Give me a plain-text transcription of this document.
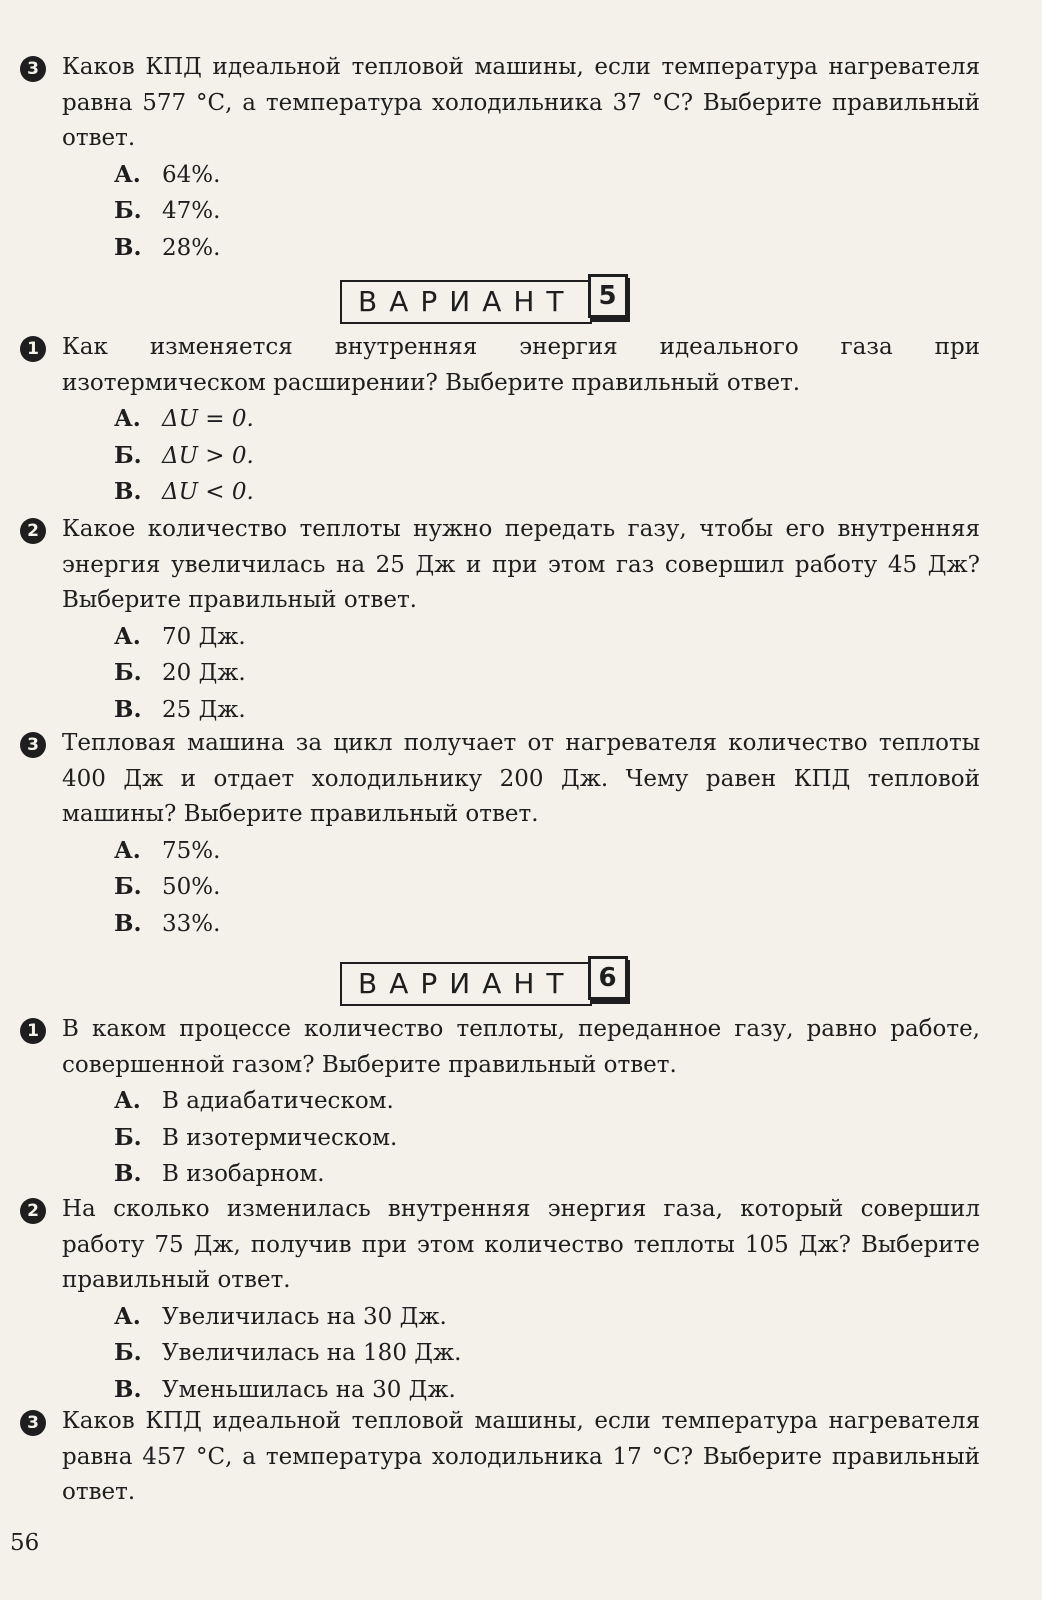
3	Каков КПД идеальной тепловой машины, если температура нагревателя равна 577 °С, а температура холодильника 37 °С? Выберите правильный ответ.
А. 64%.
Б. 47%.
В. 28%.
ВАРИАНТ 5
1	Как изменяется внутренняя энергия идеального газа при изотермическом расширении? Выберите правильный ответ.
А. ΔU = 0.
Б. ΔU > 0.
В. ΔU < 0.
2	Какое количество теплоты нужно передать газу, чтобы его внутренняя энергия увеличилась на 25 Дж и при этом газ совершил работу 45 Дж? Выберите правильный ответ.
А. 70 Дж.
Б. 20 Дж.
В. 25 Дж.
3	Тепловая машина за цикл получает от нагревателя количество теплоты 400 Дж и отдает холодильнику 200 Дж. Чему равен КПД тепловой машины? Выберите правильный ответ.
А. 75%.
Б. 50%.
В. 33%.
ВАРИАНТ 6
1	В каком процессе количество теплоты, переданное газу, равно работе, совершенной газом? Выберите правильный ответ.
А. В адиабатическом.
Б. В изотермическом.
В. В изобарном.
2	На сколько изменилась внутренняя энергия газа, который совершил работу 75 Дж, получив при этом количество теплоты 105 Дж? Выберите правильный ответ.
А. Увеличилась на 30 Дж.
Б. Увеличилась на 180 Дж.
В. Уменьшилась на 30 Дж.
3	Каков КПД идеальной тепловой машины, если температура нагревателя равна 457 °С, а температура холодильника 17 °С? Выберите правильный ответ.
56
